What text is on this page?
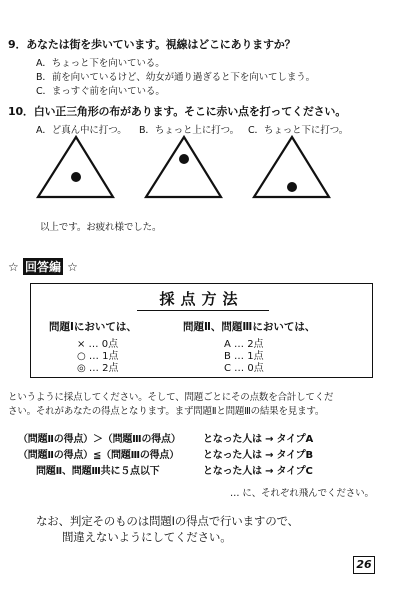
9．あなたは街を歩いています。視線はどこにありますか？
A．ちょっと下を向いている。
B．前を向いているけど、幼女が通り過ぎると下を向いてしまう。
C．まっすぐ前を向いている。
10．白い正三角形の布があります。そこに赤い点を打ってください。
A．ど真ん中に打つ。 B．ちょっと上に打つ。 C．ちょっと下に打つ。
以上です。お疲れ様でした。
☆ 回答編 ☆
採点方法
問題Ⅰにおいては、
× … 0点
○ … 1点
◎ … 2点
問題Ⅱ、問題Ⅲにおいては、
A … 2点
B … 1点
C … 0点
というように採点してください。そして、問題ごとにその点数を合計してくだ
さい。それがあなたの得点となります。まず問題Ⅱと問題Ⅲの結果を見ます。
（問題Ⅱの得点）＞（問題Ⅲの得点） となった人は → タイプA
（問題Ⅱの得点）≦（問題Ⅲの得点） となった人は → タイプB
問題Ⅱ、問題Ⅲ共に５点以下	となった人は → タイプC
… に、それぞれ飛んでください。
なお、判定そのものは問題Ⅰの得点で行いますので、
間違えないようにしてください。
26
